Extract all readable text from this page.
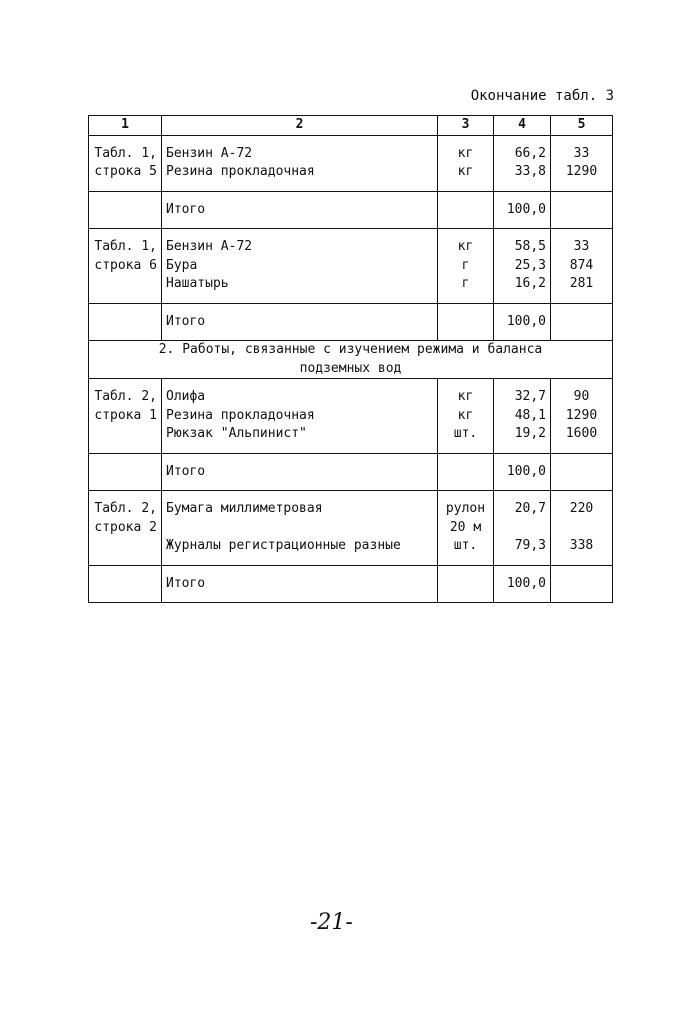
Окончание табл. 3
1	2	3	4	5

Табл. 1,	Бензин А-72	кг	66,2	33
строка 5	Резина прокладочная	кг	33,8	1290

	Итого		100,0	

Табл. 1,	Бензин А-72	кг	58,5	33
строка 6	Бура	г	25,3	874
	Нашатырь	г	16,2	281

	Итого		100,0	

2. Работы, связанные с изучением режима и баланса				
подземных вод				

Табл. 2,	Олифа	кг	32,7	90
строка 1	Резина прокладочная	кг	48,1	1290
	Рюкзак "Альпинист"	шт.	19,2	1600

	Итого		100,0	

Табл. 2,	Бумага миллиметровая	рулон	20,7	220
строка 2		20 м		
	Журналы регистрационные разные	шт.	79,3	338

	Итого		100,0	

-21-
